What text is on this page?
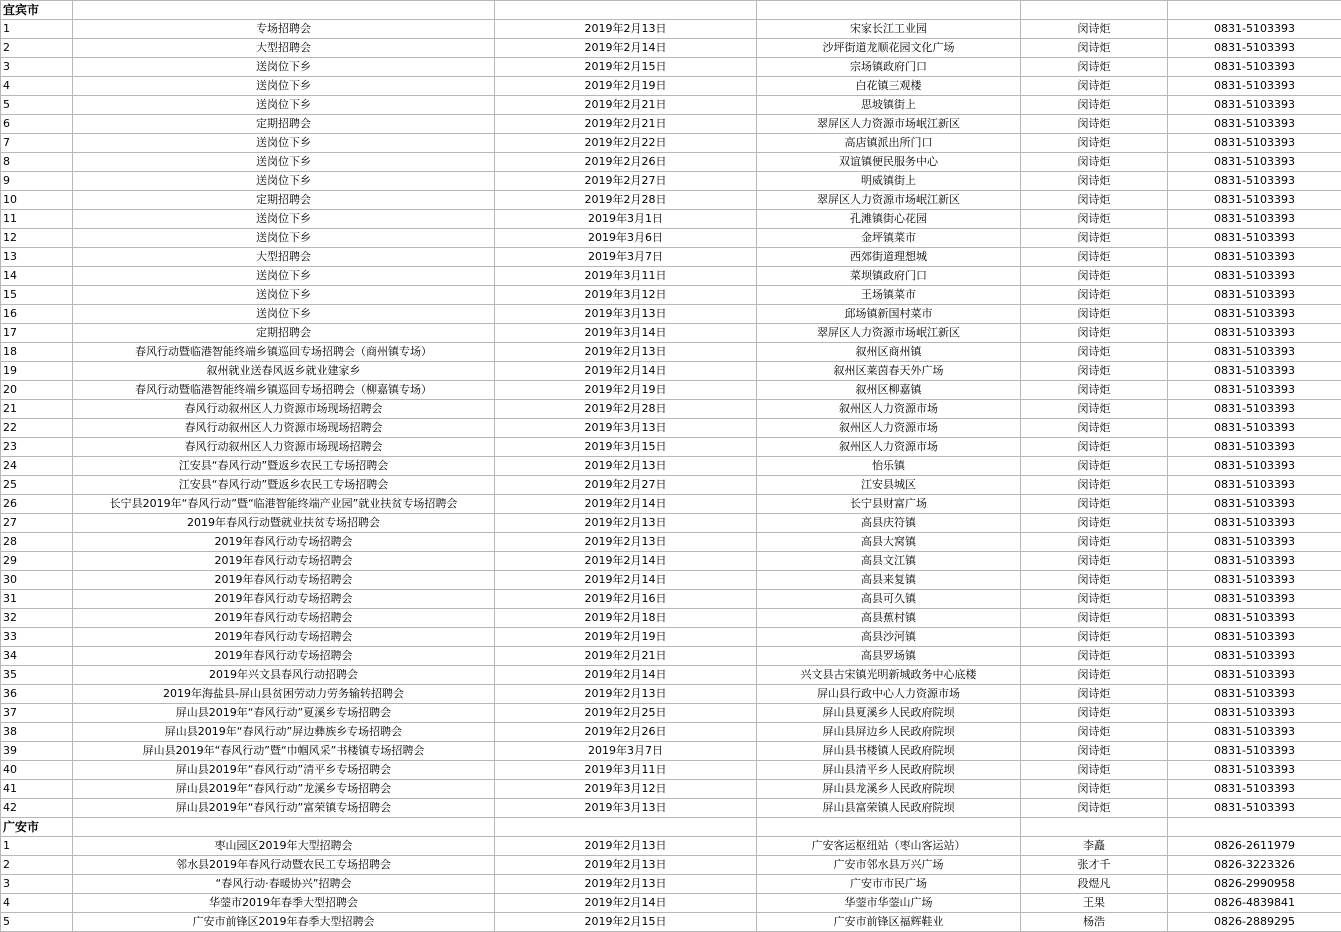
宜宾市					
1	专场招聘会	2019年2月13日	宋家长江工业园	闵诗炬	0831-5103393
2	大型招聘会	2019年2月14日	沙坪街道龙顺花园文化广场	闵诗炬	0831-5103393
3	送岗位下乡	2019年2月15日	宗场镇政府门口	闵诗炬	0831-5103393
4	送岗位下乡	2019年2月19日	白花镇三观楼	闵诗炬	0831-5103393
5	送岗位下乡	2019年2月21日	思坡镇街上	闵诗炬	0831-5103393
6	定期招聘会	2019年2月21日	翠屏区人力资源市场岷江新区	闵诗炬	0831-5103393
7	送岗位下乡	2019年2月22日	高店镇派出所门口	闵诗炬	0831-5103393
8	送岗位下乡	2019年2月26日	双谊镇便民服务中心	闵诗炬	0831-5103393
9	送岗位下乡	2019年2月27日	明威镇街上	闵诗炬	0831-5103393
10	定期招聘会	2019年2月28日	翠屏区人力资源市场岷江新区	闵诗炬	0831-5103393
11	送岗位下乡	2019年3月1日	孔滩镇街心花园	闵诗炬	0831-5103393
12	送岗位下乡	2019年3月6日	金坪镇菜市	闵诗炬	0831-5103393
13	大型招聘会	2019年3月7日	西郊街道理想城	闵诗炬	0831-5103393
14	送岗位下乡	2019年3月11日	菜坝镇政府门口	闵诗炬	0831-5103393
15	送岗位下乡	2019年3月12日	王场镇菜市	闵诗炬	0831-5103393
16	送岗位下乡	2019年3月13日	邱场镇新国村菜市	闵诗炬	0831-5103393
17	定期招聘会	2019年3月14日	翠屏区人力资源市场岷江新区	闵诗炬	0831-5103393
18	春风行动暨临港智能终端乡镇巡回专场招聘会（商州镇专场）	2019年2月13日	叙州区商州镇	闵诗炬	0831-5103393
19	叙州就业送春风返乡就业建家乡	2019年2月14日	叙州区莱茵春天外广场	闵诗炬	0831-5103393
20	春风行动暨临港智能终端乡镇巡回专场招聘会（柳嘉镇专场）	2019年2月19日	叙州区柳嘉镇	闵诗炬	0831-5103393
21	春风行动叙州区人力资源市场现场招聘会	2019年2月28日	叙州区人力资源市场	闵诗炬	0831-5103393
22	春风行动叙州区人力资源市场现场招聘会	2019年3月13日	叙州区人力资源市场	闵诗炬	0831-5103393
23	春风行动叙州区人力资源市场现场招聘会	2019年3月15日	叙州区人力资源市场	闵诗炬	0831-5103393
24	江安县“春风行动”暨返乡农民工专场招聘会	2019年2月13日	怡乐镇	闵诗炬	0831-5103393
25	江安县“春风行动”暨返乡农民工专场招聘会	2019年2月27日	江安县城区	闵诗炬	0831-5103393
26	长宁县2019年“春风行动”暨“临港智能终端产业园”就业扶贫专场招聘会	2019年2月14日	长宁县财富广场	闵诗炬	0831-5103393
27	2019年春风行动暨就业扶贫专场招聘会	2019年2月13日	高县庆符镇	闵诗炬	0831-5103393
28	2019年春风行动专场招聘会	2019年2月13日	高县大窝镇	闵诗炬	0831-5103393
29	2019年春风行动专场招聘会	2019年2月14日	高县文江镇	闵诗炬	0831-5103393
30	2019年春风行动专场招聘会	2019年2月14日	高县来复镇	闵诗炬	0831-5103393
31	2019年春风行动专场招聘会	2019年2月16日	高县可久镇	闵诗炬	0831-5103393
32	2019年春风行动专场招聘会	2019年2月18日	高县蕉村镇	闵诗炬	0831-5103393
33	2019年春风行动专场招聘会	2019年2月19日	高县沙河镇	闵诗炬	0831-5103393
34	2019年春风行动专场招聘会	2019年2月21日	高县罗场镇	闵诗炬	0831-5103393
35	2019年兴文县春风行动招聘会	2019年2月14日	兴文县古宋镇光明新城政务中心底楼	闵诗炬	0831-5103393
36	2019年海盐县-屏山县贫困劳动力劳务输转招聘会	2019年2月13日	屏山县行政中心人力资源市场	闵诗炬	0831-5103393
37	屏山县2019年“春风行动”夏溪乡专场招聘会	2019年2月25日	屏山县夏溪乡人民政府院坝	闵诗炬	0831-5103393
38	屏山县2019年“春风行动”屏边彝族乡专场招聘会	2019年2月26日	屏山县屏边乡人民政府院坝	闵诗炬	0831-5103393
39	屏山县2019年“春风行动”暨“巾帼风采”书楼镇专场招聘会	2019年3月7日	屏山县书楼镇人民政府院坝	闵诗炬	0831-5103393
40	屏山县2019年“春风行动”清平乡专场招聘会	2019年3月11日	屏山县清平乡人民政府院坝	闵诗炬	0831-5103393
41	屏山县2019年“春风行动”龙溪乡专场招聘会	2019年3月12日	屏山县龙溪乡人民政府院坝	闵诗炬	0831-5103393
42	屏山县2019年“春风行动”富荣镇专场招聘会	2019年3月13日	屏山县富荣镇人民政府院坝	闵诗炬	0831-5103393
广安市					
1	枣山园区2019年大型招聘会	2019年2月13日	广安客运枢纽站（枣山客运站）	李矗	0826-2611979
2	邻水县2019年春风行动暨农民工专场招聘会	2019年2月13日	广安市邻水县万兴广场	张才千	0826-3223326
3	“春风行动·春暖协兴”招聘会	2019年2月13日	广安市市民广场	段煜凡	0826-2990958
4	华蓥市2019年春季大型招聘会	2019年2月14日	华蓥市华蓥山广场	王果	0826-4839841
5	广安市前锋区2019年春季大型招聘会	2019年2月15日	广安市前锋区福辉鞋业	杨浩	0826-2889295
